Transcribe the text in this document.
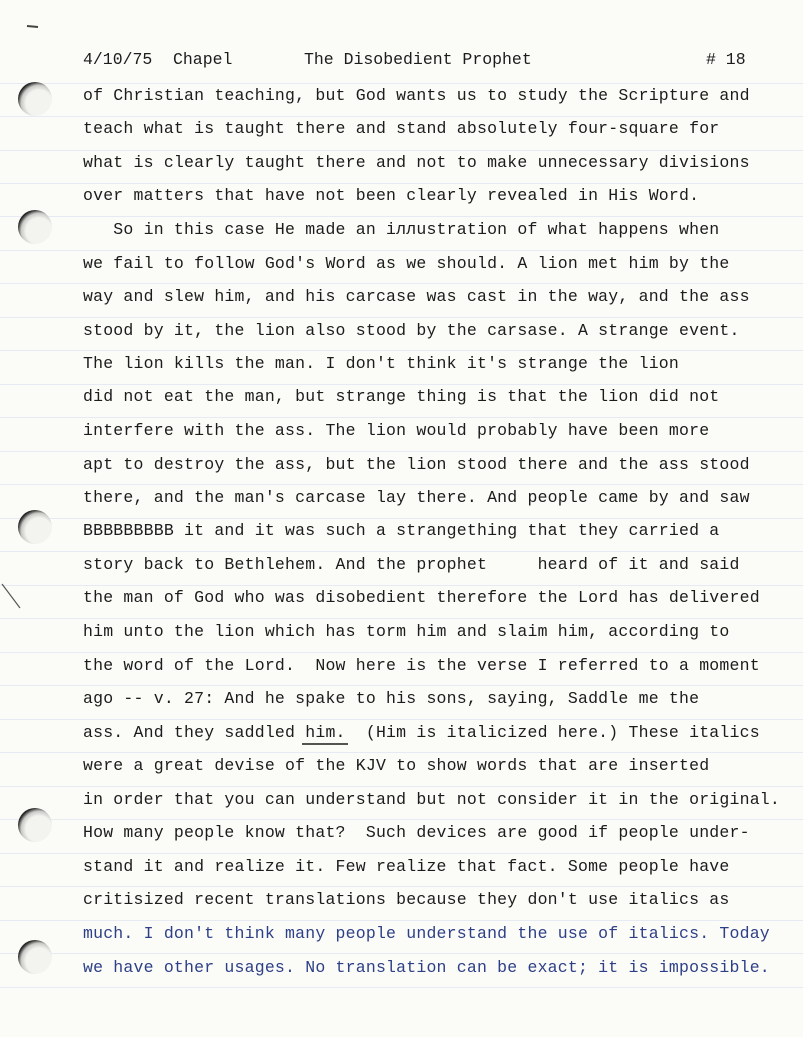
4/10/75 Chapel	The Disobedient Prophet	# 18
of Christian teaching, but God wants us to study the Scripture and
teach what is taught there and stand absolutely four-square for
what is clearly taught there and not to make unnecessary divisions
over matters that have not been clearly revealed in His Word.
So in this case He made an iллustration of what happens when
we fail to follow God's Word as we should. A lion met him by the
way and slew him, and his carcase was cast in the way, and the ass
stood by it, the lion also stood by the carsase. A strange event.
The lion kills the man. I don't think it's strange the lion
did not eat the man, but strange thing is that the lion did not
interfere with the ass. The lion would probably have been more
apt to destroy the ass, but the lion stood there and the ass stood
there, and the man's carcase lay there. And people came by and saw
BBBBBBBBB it and it was such a strangething that they carried a
story back to Bethlehem. And the prophet     heard of it and said
the man of God who was disobedient therefore the Lord has delivered
him unto the lion which has torm him and slaim him, according to
the word of the Lord.  Now here is the verse I referred to a moment
ago -- v. 27: And he spake to his sons, saying, Saddle me the
ass. And they saddled him.  (Him is italicized here.) These italics
were a great devise of the KJV to show words that are inserted
in order that you can understand but not consider it in the original.
How many people know that?  Such devices are good if people under-
stand it and realize it. Few realize that fact. Some people have
critisized recent translations because they don't use italics as
much. I don't think many people understand the use of italics. Today
we have other usages. No translation can be exact; it is impossible.
